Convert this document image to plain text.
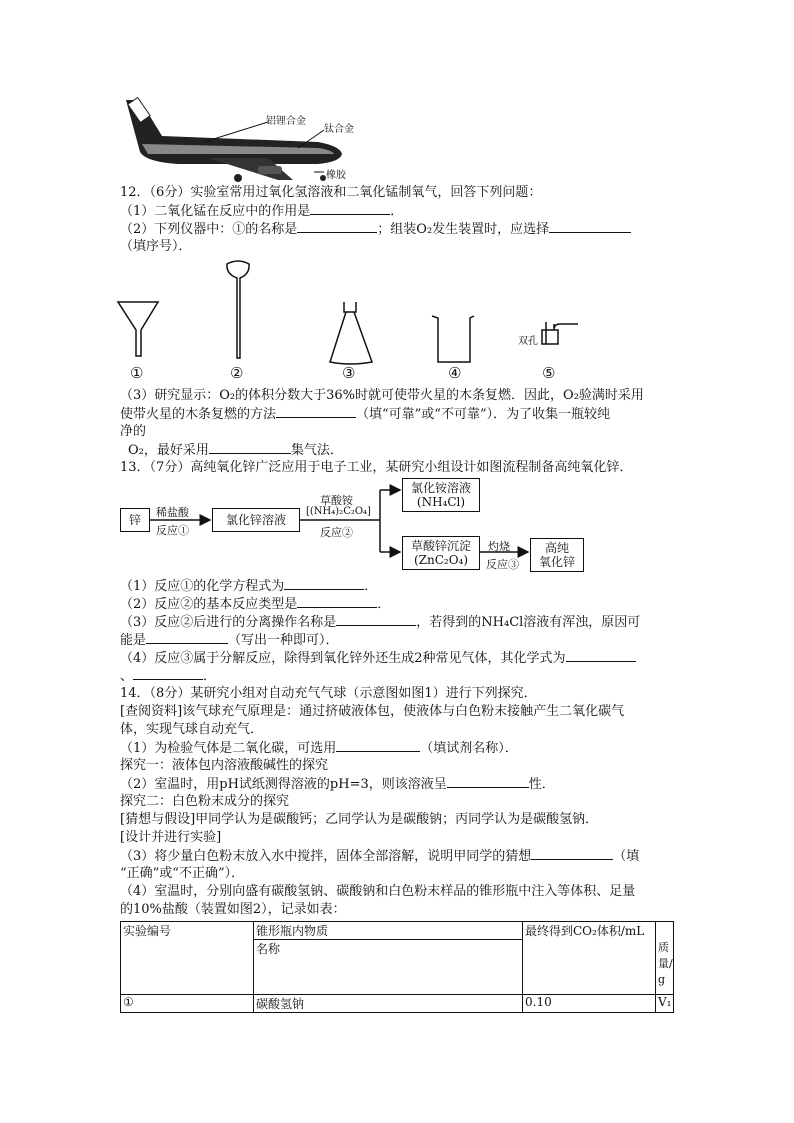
铝锂合金
钛合金
橡胶
12．（6分）实验室常用过氧化氢溶液和二氧化锰制氧气，回答下列问题：
（1）二氧化锰在反应中的作用是	．
（2）下列仪器中：①的名称是	；组装O₂发生装置时，应选择
（填序号）．
①	②	③	④	⑤
双孔
（3）研究显示：O₂的体积分数大于36%时就可使带火星的木条复燃．因此，O₂验满时采用
使带火星的木条复燃的方法	（填“可靠”或“不可靠”）．为了收集一瓶较纯
净的
O₂，最好采用	集气法．
13．（7分）高纯氧化锌广泛应用于电子工业，某研究小组设计如图流程制备高纯氧化锌．
锌
稀盐酸
反应①
氯化锌溶液
草酸铵
[(NH₄)₂C₂O₄]
反应②
氯化铵溶液
(NH₄Cl)
草酸锌沉淀
(ZnC₂O₄)
灼烧
反应③
高纯
氧化锌
（1）反应①的化学方程式为	．
（2）反应②的基本反应类型是	．
（3）反应②后进行的分离操作名称是	，若得到的NH₄Cl溶液有浑浊，原因可
能是	（写出一种即可）．
（4）反应③属于分解反应，除得到氧化锌外还生成2种常见气体，其化学式为
、	．
14．（8分）某研究小组对自动充气气球（示意图如图1）进行下列探究．
[查阅资料]该气球充气原理是：通过挤破液体包，使液体与白色粉末接触产生二氧化碳气
体，实现气球自动充气．
（1）为检验气体是二氧化碳，可选用	（填试剂名称）．
探究一：液体包内溶液酸碱性的探究
（2）室温时，用pH试纸测得溶液的pH=3，则该溶液呈	性．
探究二：白色粉末成分的探究
[猜想与假设]甲同学认为是碳酸钙；乙同学认为是碳酸钠；丙同学认为是碳酸氢钠．
[设计并进行实验]
（3）将少量白色粉末放入水中搅拌，固体全部溶解，说明甲同学的猜想	（填
“正确”或“不正确”）．
（4）室温时，分别向盛有碳酸氢钠、碳酸钠和白色粉末样品的锥形瓶中注入等体积、足量
的10%盐酸（装置如图2），记录如表：
实验编号	锥形瓶内物质	最终得到CO₂体积/mL	质量/g
	名称		
①	碳酸氢钠	0.10	V₁
